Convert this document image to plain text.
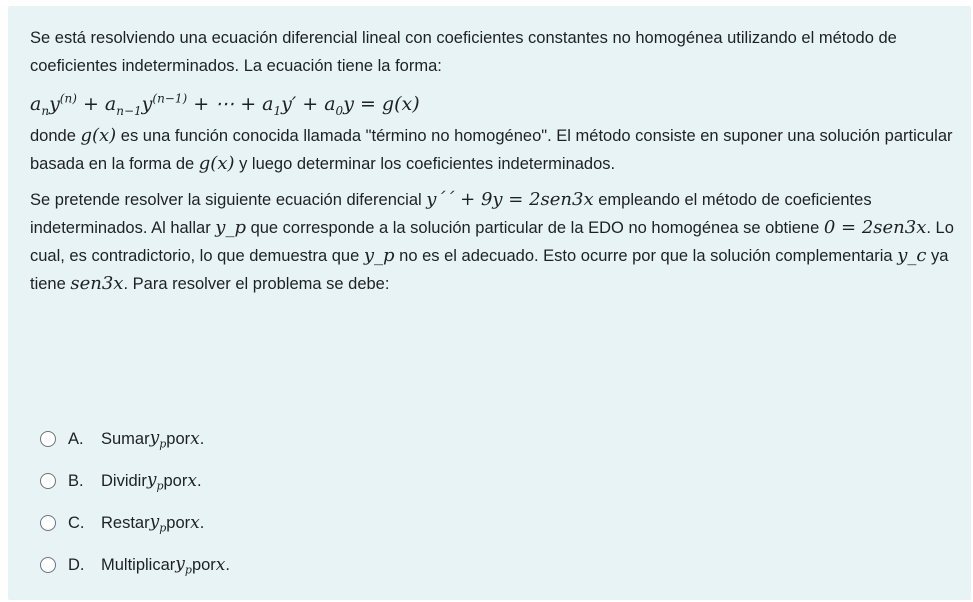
Se está resolviendo una ecuación diferencial lineal con coeficientes constantes no homogénea utilizando el método de coeficientes indeterminados. La ecuación tiene la forma:

$a_ny^{(n)} + a_{n-1}y^{(n-1)}$ + ⋯ + $a_1y' + a_0y = g(x)$

donde g(x) es una función conocida llamada "término no homogéneo". El método consiste en suponer una solución particular basada en la forma de g(x) y luego determinar los coeficientes indeterminados.

Se pretende resolver la siguiente ecuación diferencial y´´ + 9y = 2sen3x empleando el método de coeficientes indeterminados. Al hallar y_p que corresponde a la solución particular de la EDO no homogénea se obtiene 0 = 2sen3x. Lo cual, es contradictorio, lo que demuestra que y_p no es el adecuado. Esto ocurre por que la solución complementaria y_c ya tiene sen3x. Para resolver el problema se debe:

A.	Sumar $y_p$ por x .
B.	Dividir $y_p$ por x .
C.	Restar $y_p$ por x .
D.	Multiplicar $y_p$ por x .
